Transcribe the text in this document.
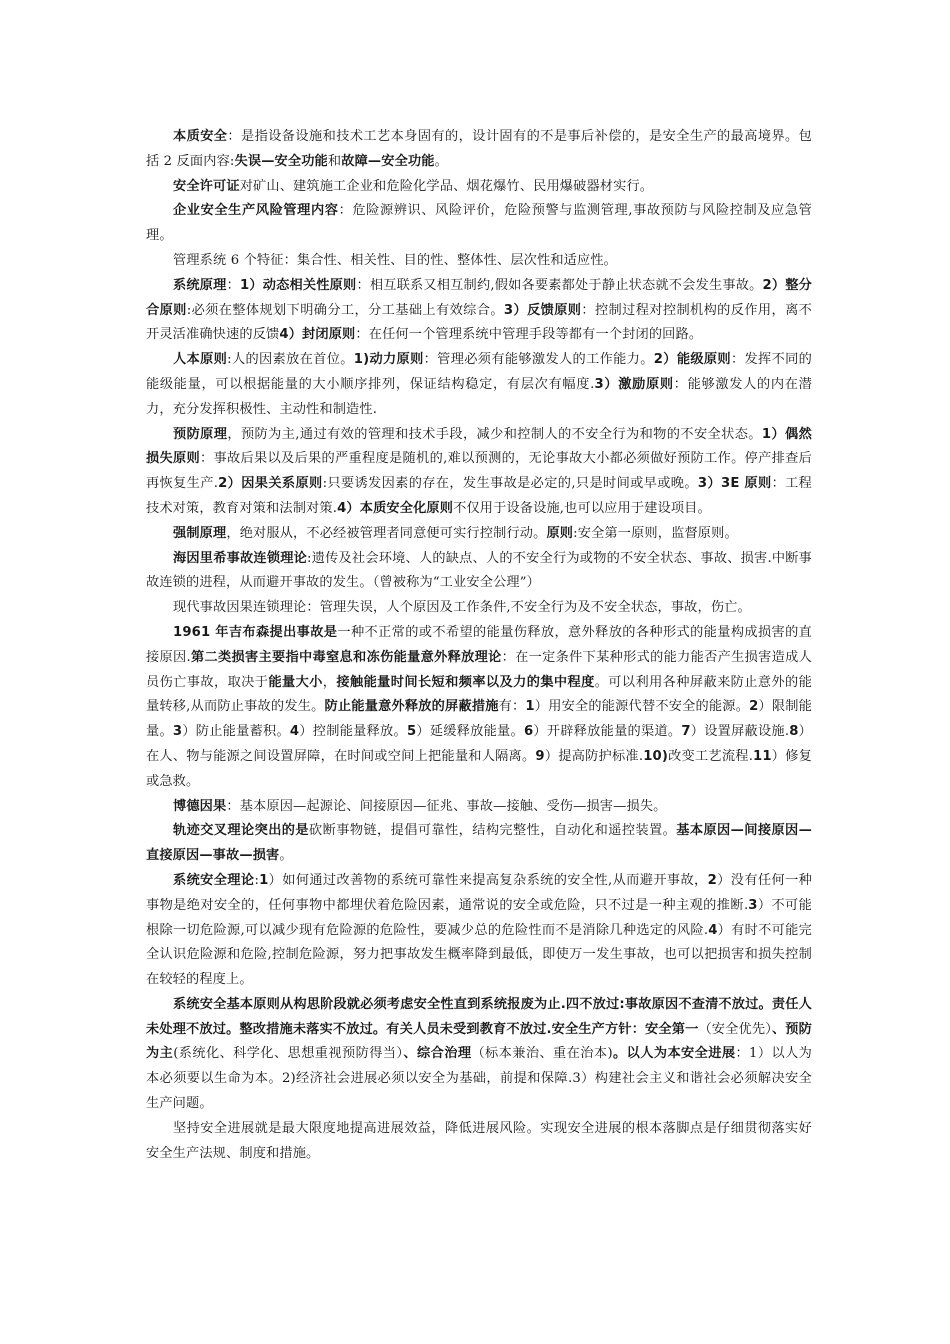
本质安全：是指设备设施和技术工艺本身固有的，设计固有的不是事后补偿的，是安全生产的最高境界。包括 2 反面内容:失误—安全功能和故障—安全功能。

安全许可证对矿山、建筑施工企业和危险化学品、烟花爆竹、民用爆破器材实行。

企业安全生产风险管理内容：危险源辨识、风险评价，危险预警与监测管理,事故预防与风险控制及应急管理。

管理系统 6 个特征：集合性、相关性、目的性、整体性、层次性和适应性。

系统原理：1）动态相关性原则：相互联系又相互制约,假如各要素都处于静止状态就不会发生事故。2）整分合原则:必须在整体规划下明确分工，分工基础上有效综合。3）反馈原则：控制过程对控制机构的反作用，离不开灵活准确快速的反馈4）封闭原则：在任何一个管理系统中管理手段等都有一个封闭的回路。

人本原则:人的因素放在首位。1)动力原则：管理必须有能够激发人的工作能力。2）能级原则：发挥不同的能级能量，可以根据能量的大小顺序排列，保证结构稳定，有层次有幅度.3）激励原则：能够激发人的内在潜力，充分发挥积极性、主动性和制造性.

预防原理，预防为主,通过有效的管理和技术手段，减少和控制人的不安全行为和物的不安全状态。1）偶然损失原则：事故后果以及后果的严重程度是随机的,难以预测的，无论事故大小都必须做好预防工作。停产排查后再恢复生产.2）因果关系原则:只要诱发因素的存在，发生事故是必定的,只是时间或早或晚。3）3E 原则：工程技术对策，教育对策和法制对策.4）本质安全化原则不仅用于设备设施,也可以应用于建设项目。

强制原理，绝对服从，不必经被管理者同意便可实行控制行动。原则:安全第一原则，监督原则。

海因里希事故连锁理论:遗传及社会环境、人的缺点、人的不安全行为或物的不安全状态、事故、损害.中断事故连锁的进程，从而避开事故的发生。（曾被称为“工业安全公理”）

现代事故因果连锁理论：管理失误，人个原因及工作条件,不安全行为及不安全状态，事故，伤亡。

1961 年吉布森提出事故是一种不正常的或不希望的能量伤释放，意外释放的各种形式的能量构成损害的直接原因.第二类损害主要指中毒窒息和冻伤能量意外释放理论：在一定条件下某种形式的能力能否产生损害造成人员伤亡事故，取决于能量大小，接触能量时间长短和频率以及力的集中程度。可以利用各种屏蔽来防止意外的能量转移,从而防止事故的发生。防止能量意外释放的屏蔽措施有：1）用安全的能源代替不安全的能源。2）限制能量。3）防止能量蓄积。4）控制能量释放。5）延缓释放能量。6）开辟释放能量的渠道。7）设置屏蔽设施.8）在人、物与能源之间设置屏障，在时间或空间上把能量和人隔离。9）提高防护标准.10)改变工艺流程.11）修复或急救。

博德因果：基本原因—起源论、间接原因—征兆、事故—接触、受伤—损害—损失。

轨迹交叉理论突出的是砍断事物链，提倡可靠性，结构完整性，自动化和遥控装置。基本原因—间接原因—直接原因—事故—损害。

系统安全理论:1）如何通过改善物的系统可靠性来提高复杂系统的安全性,从而避开事故，2）没有任何一种事物是绝对安全的，任何事物中都埋伏着危险因素，通常说的安全或危险，只不过是一种主观的推断.3）不可能根除一切危险源,可以减少现有危险源的危险性，要减少总的危险性而不是消除几种选定的风险.4）有时不可能完全认识危险源和危险,控制危险源，努力把事故发生概率降到最低，即使万一发生事故，也可以把损害和损失控制在较轻的程度上。

系统安全基本原则从构思阶段就必须考虑安全性直到系统报废为止.四不放过:事故原因不查清不放过。责任人未处理不放过。整改措施未落实不放过。有关人员未受到教育不放过.安全生产方针：安全第一（安全优先）、预防为主(系统化、科学化、思想重视预防得当）、综合治理（标本兼治、重在治本)。以人为本安全进展：1）以人为本必须要以生命为本。2)经济社会进展必须以安全为基础，前提和保障.3）构建社会主义和谐社会必须解决安全生产问题。

坚持安全进展就是最大限度地提高进展效益，降低进展风险。实现安全进展的根本落脚点是仔细贯彻落实好安全生产法规、制度和措施。
